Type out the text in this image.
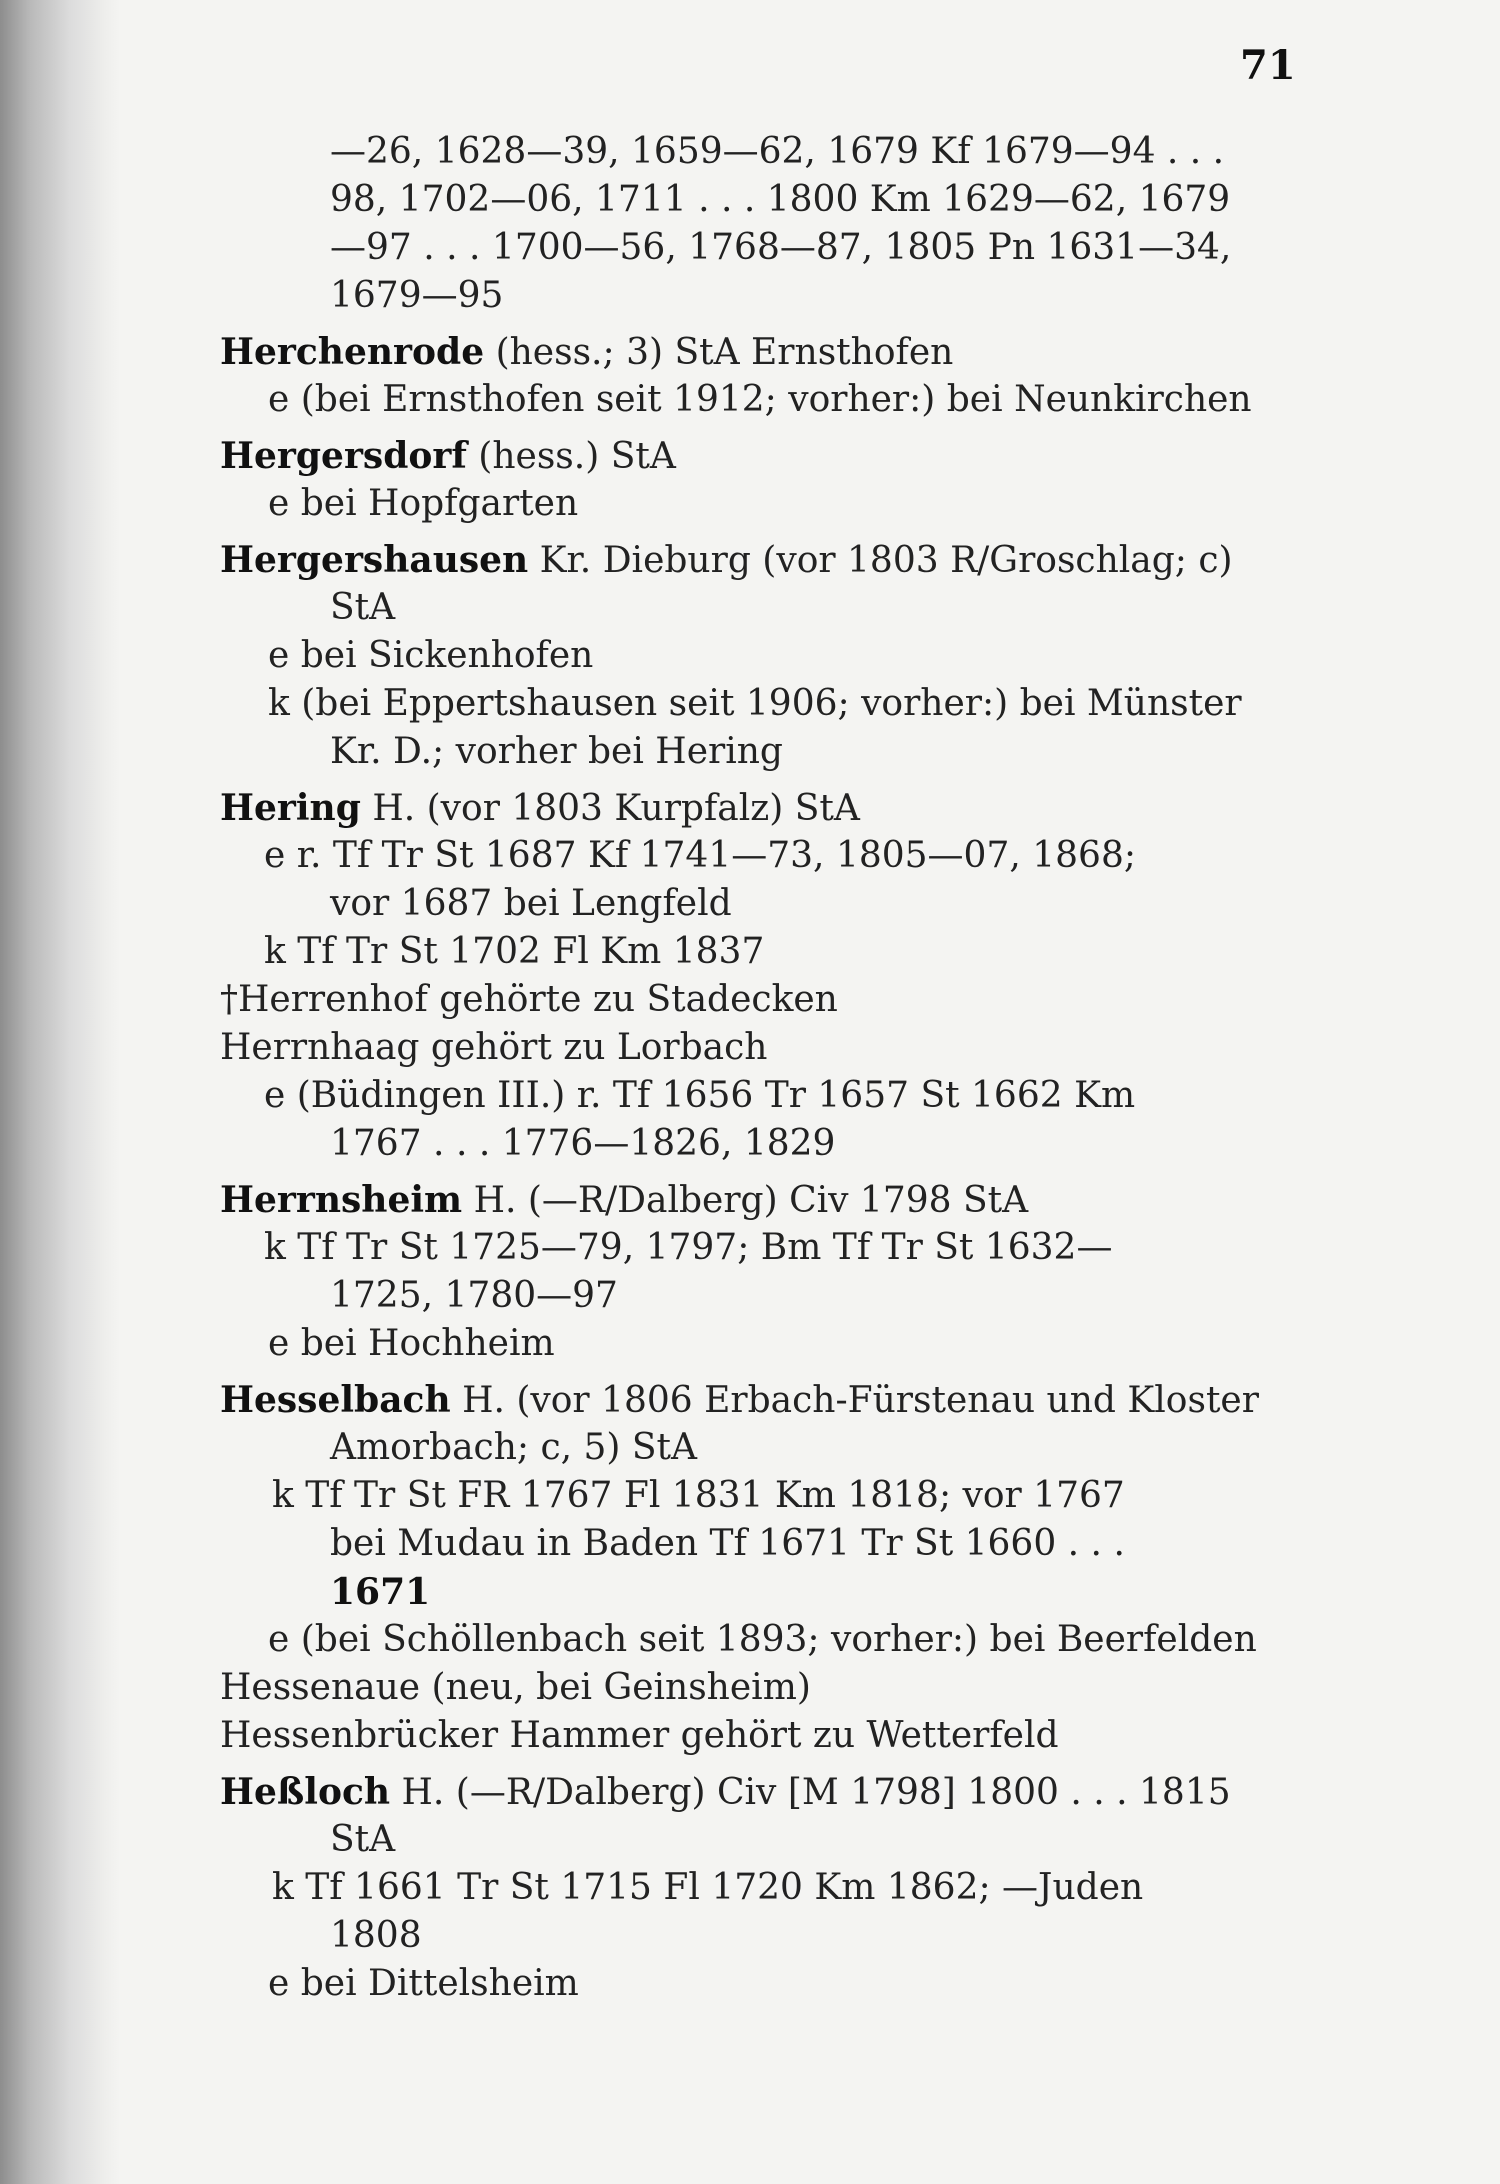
71
—26, 1628—39, 1659—62, 1679 Kf 1679—94 . . .
98, 1702—06, 1711 . . . 1800 Km 1629—62, 1679
—97 . . . 1700—56, 1768—87, 1805 Pn 1631—34,
1679—95
Herchenrode (hess.; 3) StA Ernsthofen
e (bei Ernsthofen seit 1912; vorher:) bei Neunkirchen
Hergersdorf (hess.) StA
e bei Hopfgarten
Hergershausen Kr. Dieburg (vor 1803 R/Groschlag; c)
StA
e bei Sickenhofen
k (bei Eppertshausen seit 1906; vorher:) bei Münster
Kr. D.; vorher bei Hering
Hering H. (vor 1803 Kurpfalz) StA
e r. Tf Tr St 1687 Kf 1741—73, 1805—07, 1868;
vor 1687 bei Lengfeld
k Tf Tr St 1702 Fl Km 1837
†Herrenhof gehörte zu Stadecken
Herrnhaag gehört zu Lorbach
e (Büdingen III.) r. Tf 1656 Tr 1657 St 1662 Km
1767 . . . 1776—1826, 1829
Herrnsheim H. (—R/Dalberg) Civ 1798 StA
k Tf Tr St 1725—79, 1797; Bm Tf Tr St 1632—
1725, 1780—97
e bei Hochheim
Hesselbach H. (vor 1806 Erbach-Fürstenau und Kloster
Amorbach; c, 5) StA
k Tf Tr St FR 1767 Fl 1831 Km 1818; vor 1767
bei Mudau in Baden Tf 1671 Tr St 1660 . . .
1671
e (bei Schöllenbach seit 1893; vorher:) bei Beerfelden
Hessenaue (neu, bei Geinsheim)
Hessenbrücker Hammer gehört zu Wetterfeld
Heßloch H. (—R/Dalberg) Civ [M 1798] 1800 . . . 1815
StA
k Tf 1661 Tr St 1715 Fl 1720 Km 1862; —Juden
1808
e bei Dittelsheim
